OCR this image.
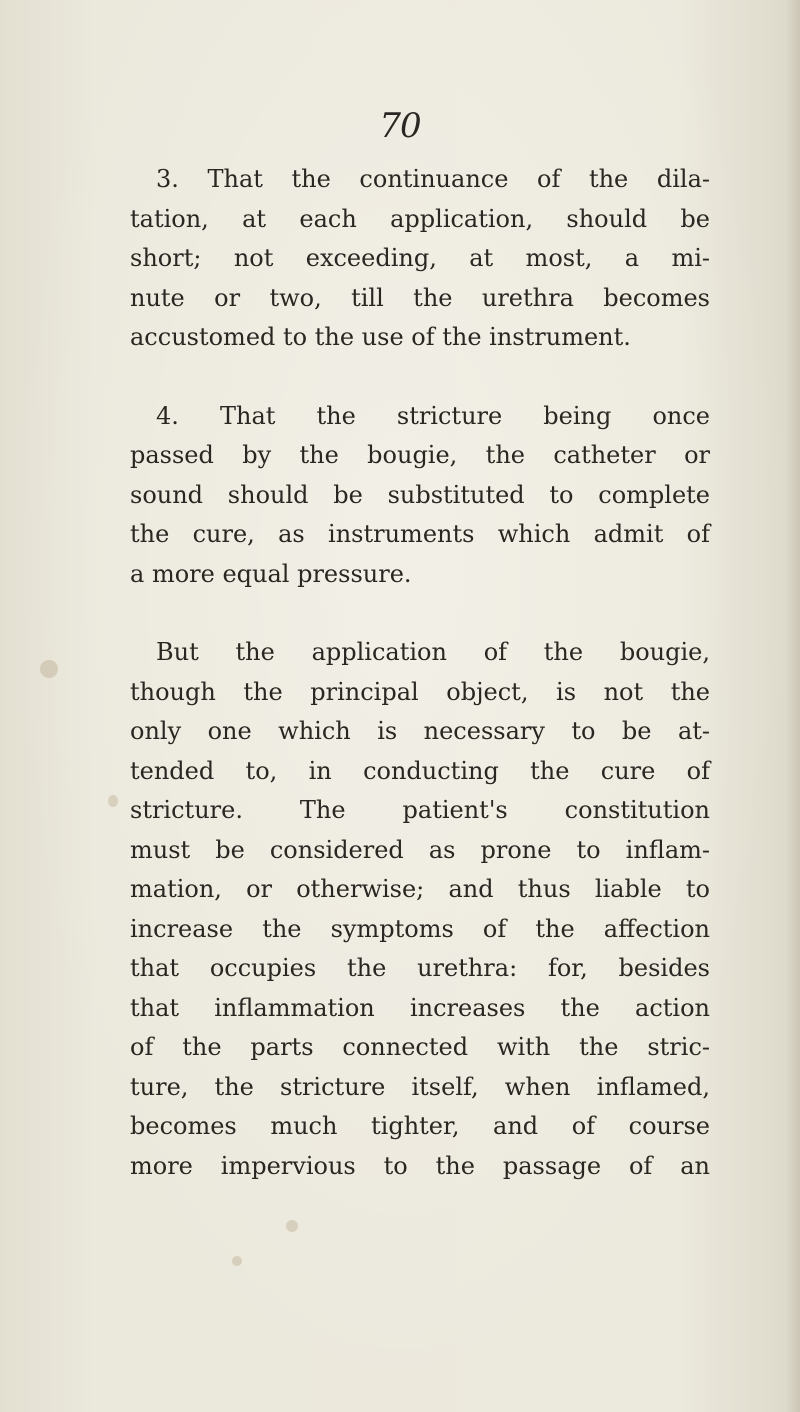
70

3. That the continuance of the dila-
tation, at each application, should be
short; not exceeding, at most, a mi-
nute or two, till the urethra becomes
accustomed to the use of the instrument.

4. That the stricture being once
passed by the bougie, the catheter or
sound should be substituted to complete
the cure, as instruments which admit of
a more equal pressure.

But the application of the bougie,
though the principal object, is not the
only one which is necessary to be at-
tended to, in conducting the cure of
stricture. The patient's constitution
must be considered as prone to inflam-
mation, or otherwise; and thus liable to
increase the symptoms of the affection
that occupies the urethra: for, besides
that inflammation increases the action
of the parts connected with the stric-
ture, the stricture itself, when inflamed,
becomes much tighter, and of course
more impervious to the passage of an
